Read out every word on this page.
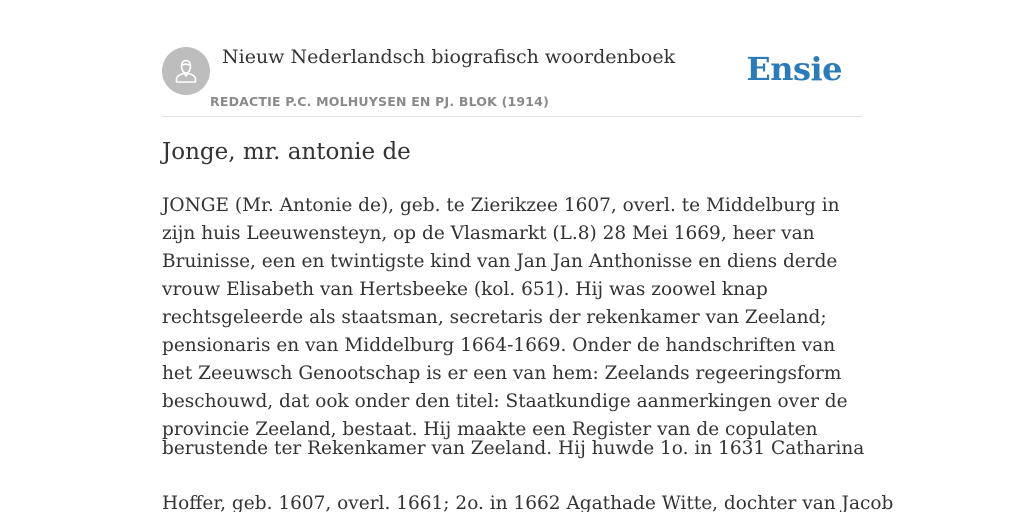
Nieuw Nederlandsch biografisch woordenboek
REDACTIE P.C. MOLHUYSEN EN PJ. BLOK (1914)
Ensie
Jonge, mr. antonie de

JONGE (Mr. Antonie de), geb. te Zierikzee 1607, overl. te Middelburg in zijn huis Leeuwensteyn, op de Vlasmarkt (L.8) 28 Mei 1669, heer van Bruinisse, een en twintigste kind van Jan Jan Anthonisse en diens derde vrouw Elisabeth van Hertsbeeke (kol. 651). Hij was zoowel knap rechtsgeleerde als staatsman, secretaris der rekenkamer van Zeeland; pensionaris en van Middelburg 1664-1669. Onder de handschriften van het Zeeuwsch Genootschap is er een van hem: Zeelands regeeringsform beschouwd, dat ook onder den titel: Staatkundige aanmerkingen over de provincie Zeeland, bestaat. Hij maakte een Register van de copulaten

berustende ter Rekenkamer van Zeeland. Hij huwde 1o. in 1631 Catharina

Hoffer, geb. 1607, overl. 1661; 2o. in 1662 Agathade Witte, dochter van Jacob
